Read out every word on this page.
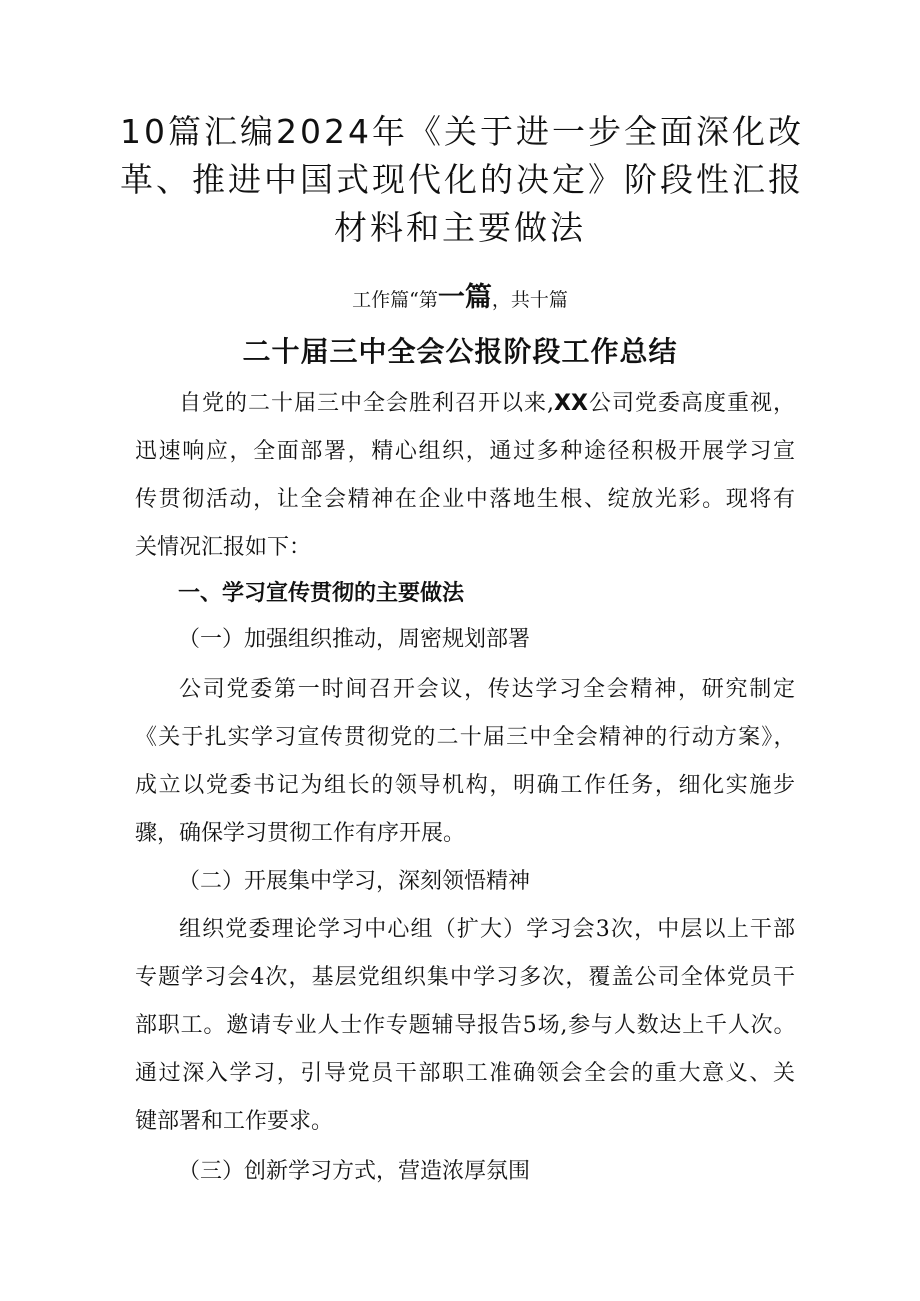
10篇汇编2024年《关于进一步全面深化改
革、推进中国式现代化的决定》阶段性汇报
材料和主要做法
工作篇“第一篇，共十篇
二十届三中全会公报阶段工作总结

自党的二十届三中全会胜利召开以来,XX公司党委高度重视，
迅速响应，全面部署，精心组织，通过多种途径积极开展学习宣
传贯彻活动，让全会精神在企业中落地生根、绽放光彩。现将有
关情况汇报如下：

一、学习宣传贯彻的主要做法
（一）加强组织推动，周密规划部署

公司党委第一时间召开会议，传达学习全会精神，研究制定
《关于扎实学习宣传贯彻党的二十届三中全会精神的行动方案》，
成立以党委书记为组长的领导机构，明确工作任务，细化实施步
骤，确保学习贯彻工作有序开展。

（二）开展集中学习，深刻领悟精神

组织党委理论学习中心组（扩大）学习会3次，中层以上干部
专题学习会4次，基层党组织集中学习多次，覆盖公司全体党员干
部职工。邀请专业人士作专题辅导报告5场,参与人数达上千人次。
通过深入学习，引导党员干部职工准确领会全会的重大意义、关
键部署和工作要求。

（三）创新学习方式，营造浓厚氛围
